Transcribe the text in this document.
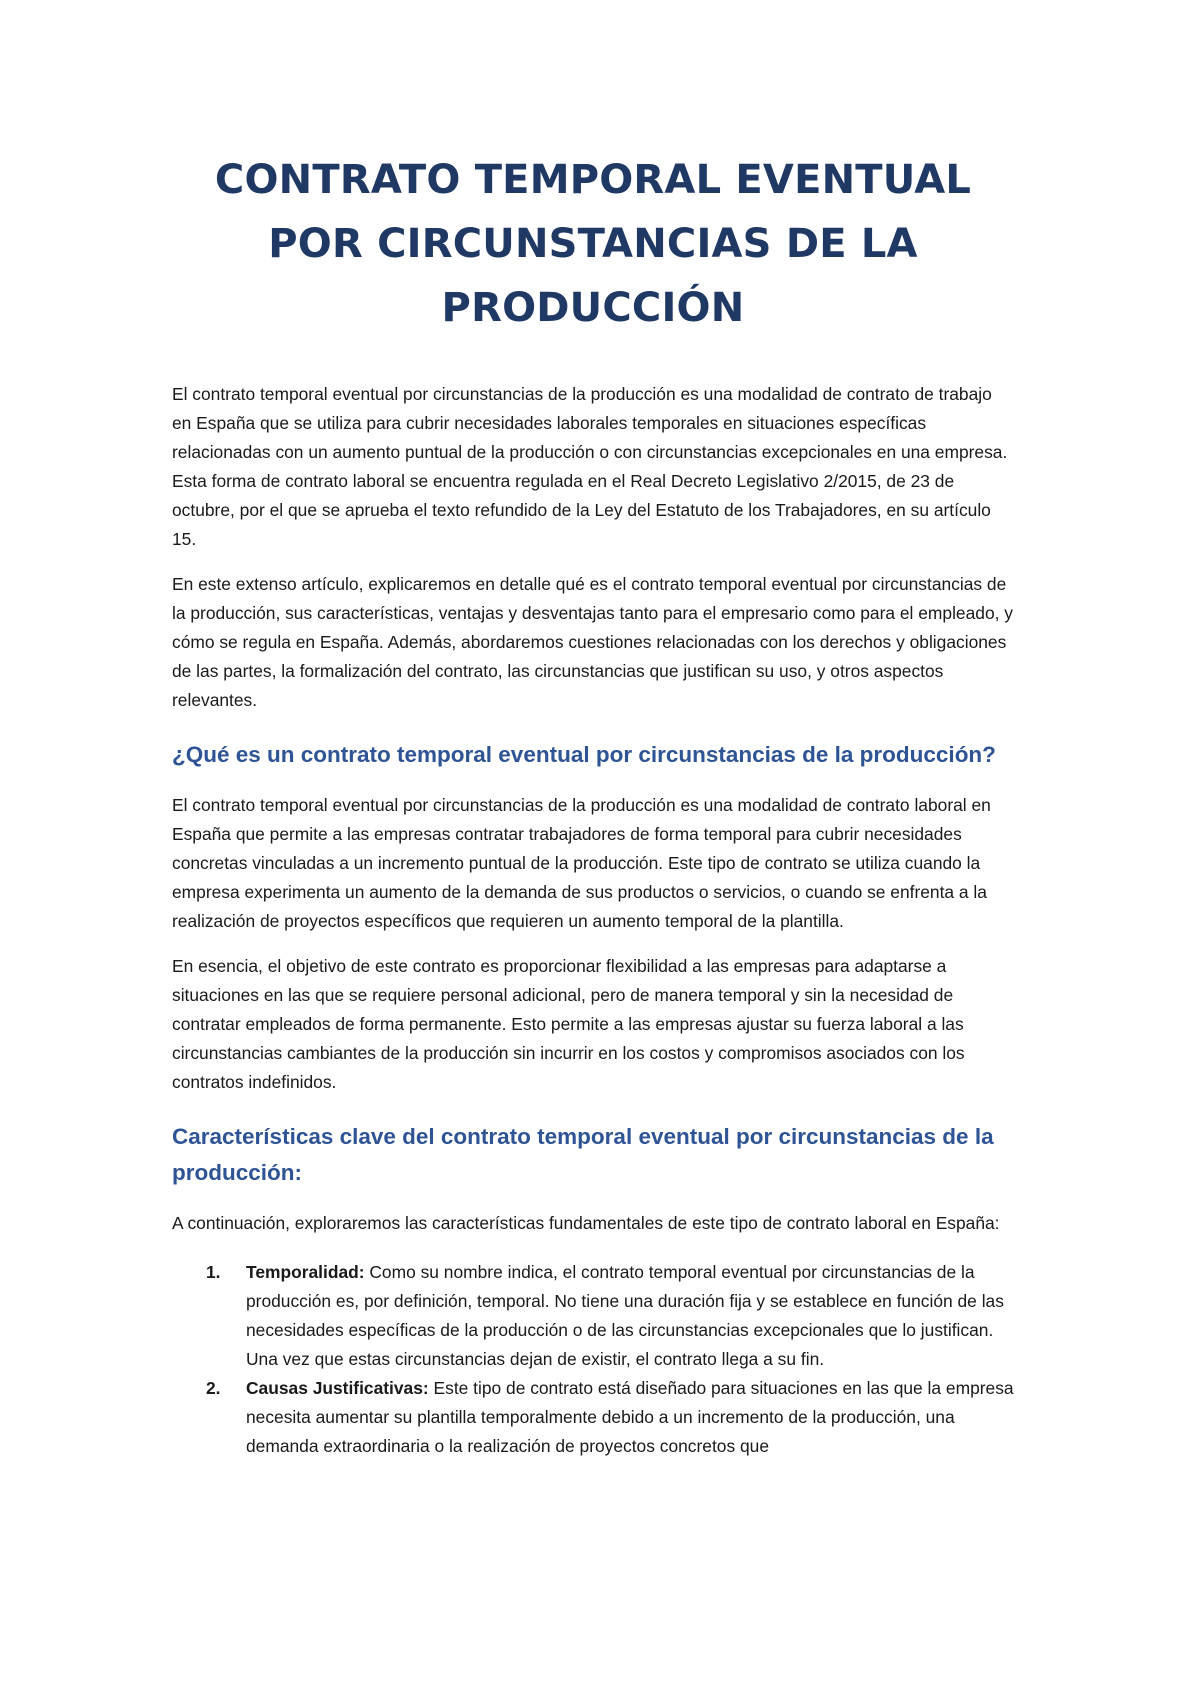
CONTRATO TEMPORAL EVENTUAL POR CIRCUNSTANCIAS DE LA PRODUCCIÓN

El contrato temporal eventual por circunstancias de la producción es una modalidad de contrato de trabajo en España que se utiliza para cubrir necesidades laborales temporales en situaciones específicas relacionadas con un aumento puntual de la producción o con circunstancias excepcionales en una empresa. Esta forma de contrato laboral se encuentra regulada en el Real Decreto Legislativo 2/2015, de 23 de octubre, por el que se aprueba el texto refundido de la Ley del Estatuto de los Trabajadores, en su artículo 15.

En este extenso artículo, explicaremos en detalle qué es el contrato temporal eventual por circunstancias de la producción, sus características, ventajas y desventajas tanto para el empresario como para el empleado, y cómo se regula en España. Además, abordaremos cuestiones relacionadas con los derechos y obligaciones de las partes, la formalización del contrato, las circunstancias que justifican su uso, y otros aspectos relevantes.

¿Qué es un contrato temporal eventual por circunstancias de la producción?

El contrato temporal eventual por circunstancias de la producción es una modalidad de contrato laboral en España que permite a las empresas contratar trabajadores de forma temporal para cubrir necesidades concretas vinculadas a un incremento puntual de la producción. Este tipo de contrato se utiliza cuando la empresa experimenta un aumento de la demanda de sus productos o servicios, o cuando se enfrenta a la realización de proyectos específicos que requieren un aumento temporal de la plantilla.

En esencia, el objetivo de este contrato es proporcionar flexibilidad a las empresas para adaptarse a situaciones en las que se requiere personal adicional, pero de manera temporal y sin la necesidad de contratar empleados de forma permanente. Esto permite a las empresas ajustar su fuerza laboral a las circunstancias cambiantes de la producción sin incurrir en los costos y compromisos asociados con los contratos indefinidos.

Características clave del contrato temporal eventual por circunstancias de la producción:

A continuación, exploraremos las características fundamentales de este tipo de contrato laboral en España:

1. Temporalidad: Como su nombre indica, el contrato temporal eventual por circunstancias de la producción es, por definición, temporal. No tiene una duración fija y se establece en función de las necesidades específicas de la producción o de las circunstancias excepcionales que lo justifican. Una vez que estas circunstancias dejan de existir, el contrato llega a su fin.
2. Causas Justificativas: Este tipo de contrato está diseñado para situaciones en las que la empresa necesita aumentar su plantilla temporalmente debido a un incremento de la producción, una demanda extraordinaria o la realización de proyectos concretos que
